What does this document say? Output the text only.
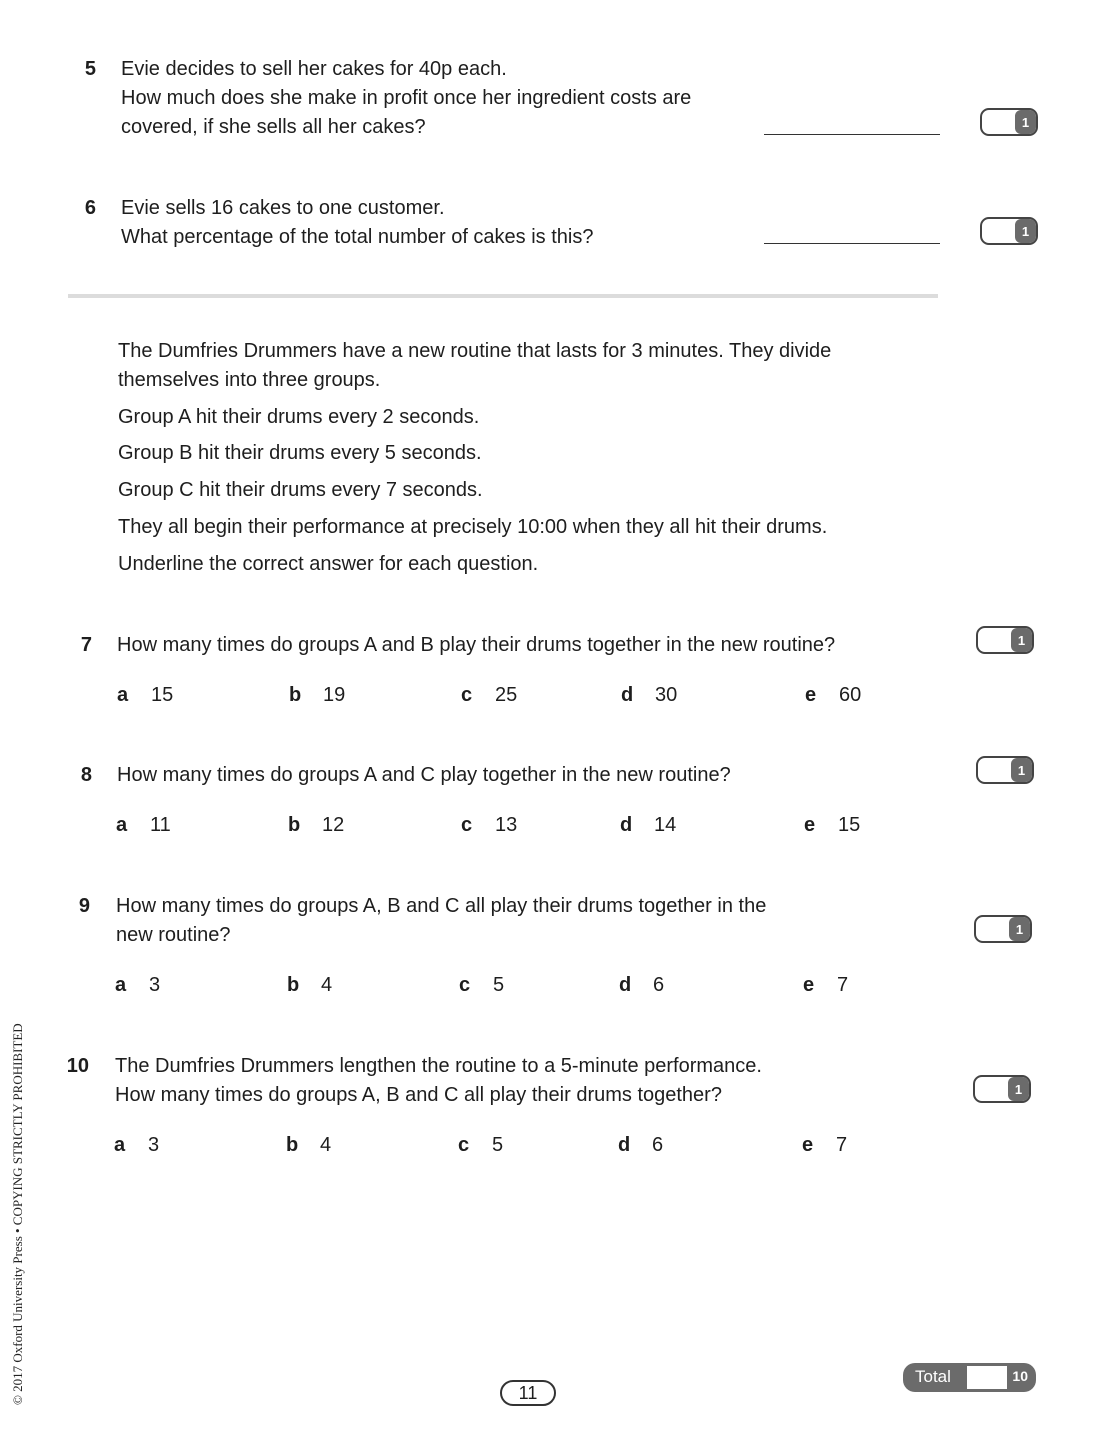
5 Evie decides to sell her cakes for 40p each.
How much does she make in profit once her ingredient costs are
covered, if she sells all her cakes?	1
6 Evie sells 16 cakes to one customer.
What percentage of the total number of cakes is this?	1
The Dumfries Drummers have a new routine that lasts for 3 minutes. They divide
themselves into three groups.
Group A hit their drums every 2 seconds.
Group B hit their drums every 5 seconds.
Group C hit their drums every 7 seconds.
They all begin their performance at precisely 10:00 when they all hit their drums.
Underline the correct answer for each question.
7 How many times do groups A and B play their drums together in the new routine?	1
a 15	b 19	c 25	d 30	e 60
8 How many times do groups A and C play together in the new routine?	1
a 11	b 12	c 13	d 14	e 15
9 How many times do groups A, B and C all play their drums together in the
new routine?	1
a 3	b 4	c 5	d 6	e 7
10 The Dumfries Drummers lengthen the routine to a 5-minute performance.
How many times do groups A, B and C all play their drums together?	1
a 3	b 4	c 5	d 6	e 7
© 2017 Oxford University Press • COPYING STRICTLY PROHIBITED	11
Total	10
